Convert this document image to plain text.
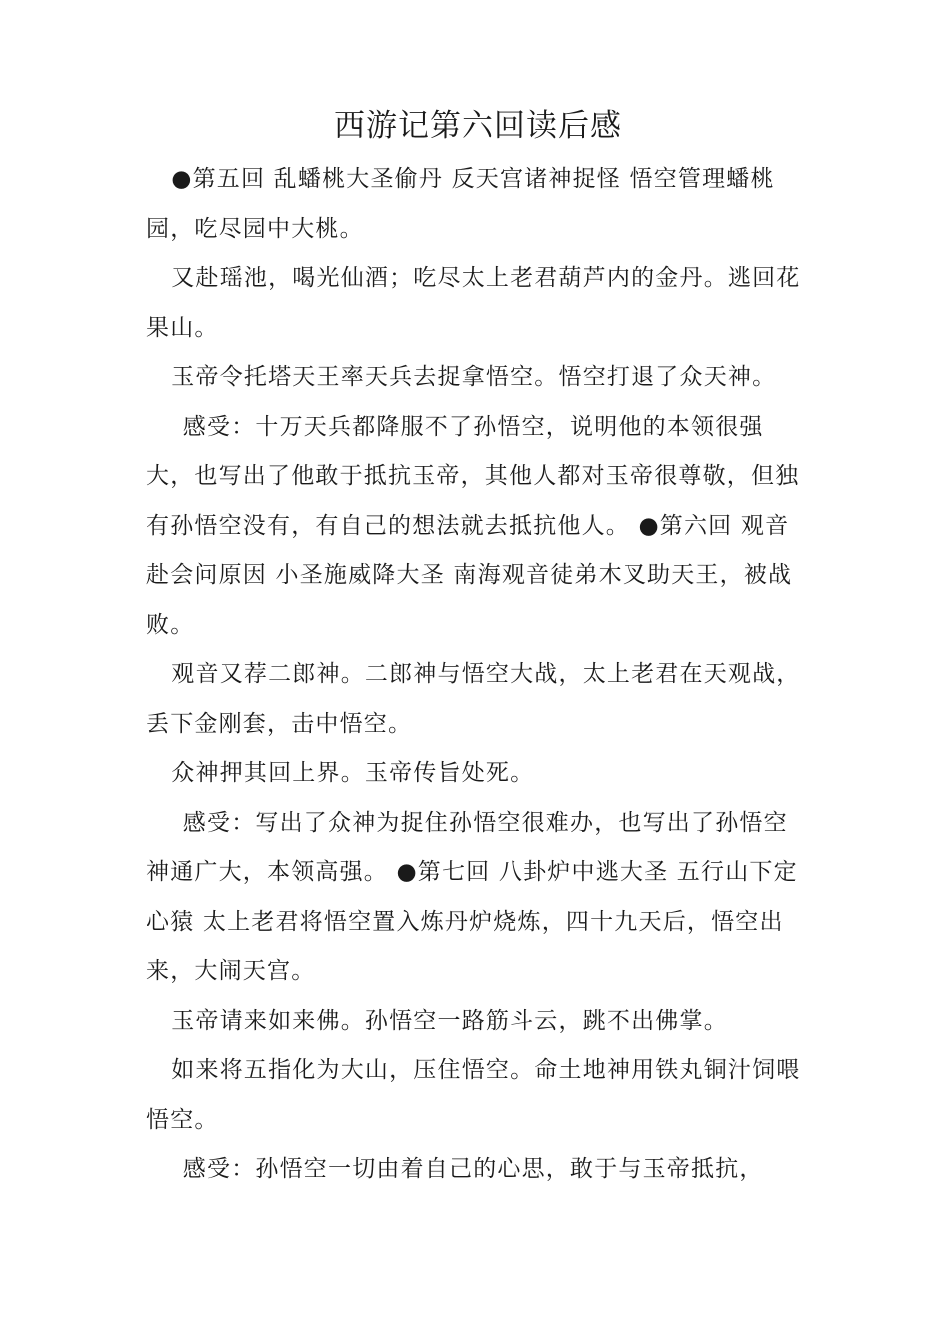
西游记第六回读后感

●第五回 乱蟠桃大圣偷丹 反天宫诸神捉怪 悟空管理蟠桃园，吃尽园中大桃。

又赴瑶池，喝光仙酒；吃尽太上老君葫芦内的金丹。逃回花果山。

玉帝令托塔天王率天兵去捉拿悟空。悟空打退了众天神。

感受：十万天兵都降服不了孙悟空，说明他的本领很强大，也写出了他敢于抵抗玉帝，其他人都对玉帝很尊敬，但独有孙悟空没有，有自己的想法就去抵抗他人。 ●第六回 观音赴会问原因 小圣施威降大圣 南海观音徒弟木叉助天王，被战败。

观音又荐二郎神。二郎神与悟空大战，太上老君在天观战，丢下金刚套，击中悟空。

众神押其回上界。玉帝传旨处死。

感受：写出了众神为捉住孙悟空很难办，也写出了孙悟空神通广大，本领高强。 ●第七回 八卦炉中逃大圣 五行山下定心猿 太上老君将悟空置入炼丹炉烧炼，四十九天后，悟空出来，大闹天宫。

玉帝请来如来佛。孙悟空一路筋斗云，跳不出佛掌。

如来将五指化为大山，压住悟空。命土地神用铁丸铜汁饲喂悟空。

感受：孙悟空一切由着自己的心思，敢于与玉帝抵抗，
